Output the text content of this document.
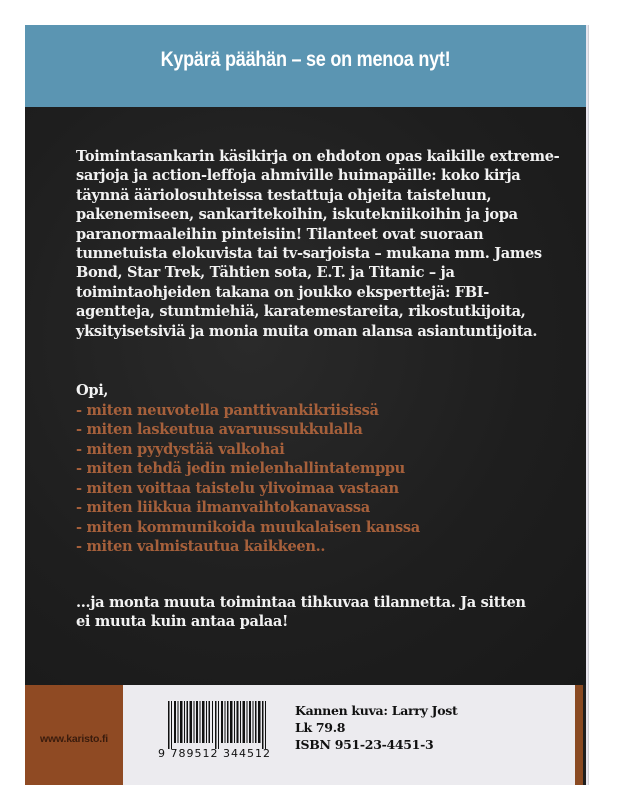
Kypärä päähän – se on menoa nyt!
Toimintasankarin käsikirja on ehdoton opas kaikille extreme-
sarjoja ja action-leffoja ahmiville huimapäille: koko kirja
täynnä ääriolosuhteissa testattuja ohjeita taisteluun,
pakenemiseen, sankaritekoihin, iskutekniikoihin ja jopa
paranormaaleihin pinteisiin! Tilanteet ovat suoraan
tunnetuista elokuvista tai tv-sarjoista – mukana mm. James
Bond, Star Trek, Tähtien sota, E.T. ja Titanic – ja
toimintaohjeiden takana on joukko eksperttejä: FBI-
agentteja, stuntmiehiä, karatemestareita, rikostutkijoita,
yksityisetsiviä ja monia muita oman alansa asiantuntijoita.
Opi,
- miten neuvotella panttivankikriisissä
- miten laskeutua avaruussukkulalla
- miten pyydystää valkohai
- miten tehdä jedin mielenhallintatemppu
- miten voittaa taistelu ylivoimaa vastaan
- miten liikkua ilmanvaihtokanavassa
- miten kommunikoida muukalaisen kanssa
- miten valmistautua kaikkeen..
...ja monta muuta toimintaa tihkuvaa tilannetta. Ja sitten
ei muuta kuin antaa palaa!
www.karisto.fi
9 789512 344512
Kannen kuva: Larry Jost
Lk 79.8
ISBN 951-23-4451-3
